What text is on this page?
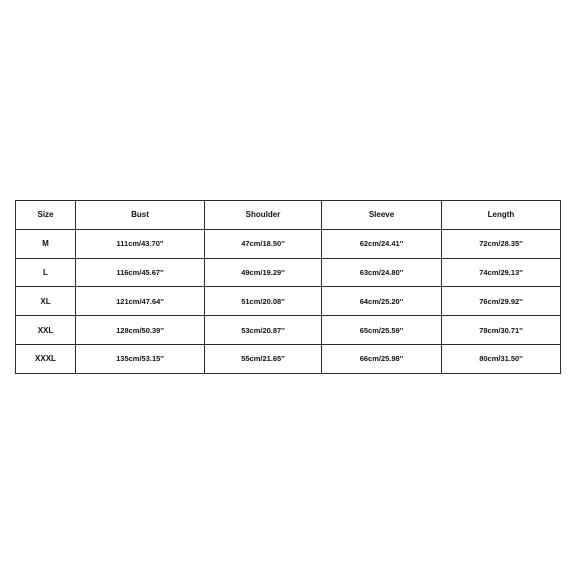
Size	Bust	Shoulder	Sleeve	Length
M	111cm/43.70''	47cm/18.50''	62cm/24.41''	72cm/28.35''
L	116cm/45.67''	49cm/19.29''	63cm/24.80''	74cm/29.13''
XL	121cm/47.64''	51cm/20.08''	64cm/25.20''	76cm/29.92''
XXL	128cm/50.39''	53cm/20.87''	65cm/25.59''	78cm/30.71''
XXXL	135cm/53.15''	55cm/21.65''	66cm/25.98''	80cm/31.50''
